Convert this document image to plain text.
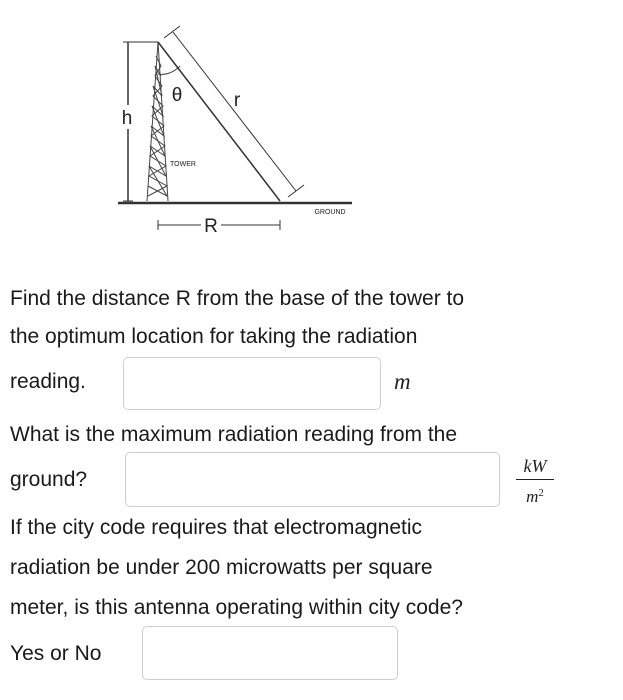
h
θ	r
GROUND
TOWER
R
Find the distance R from the base of the tower to
the optimum location for taking the radiation
reading.	m
What is the maximum radiation reading from the
ground?
kW
$m^2$
If the city code requires that electromagnetic
radiation be under 200 microwatts per square
meter, is this antenna operating within city code?
Yes or No
